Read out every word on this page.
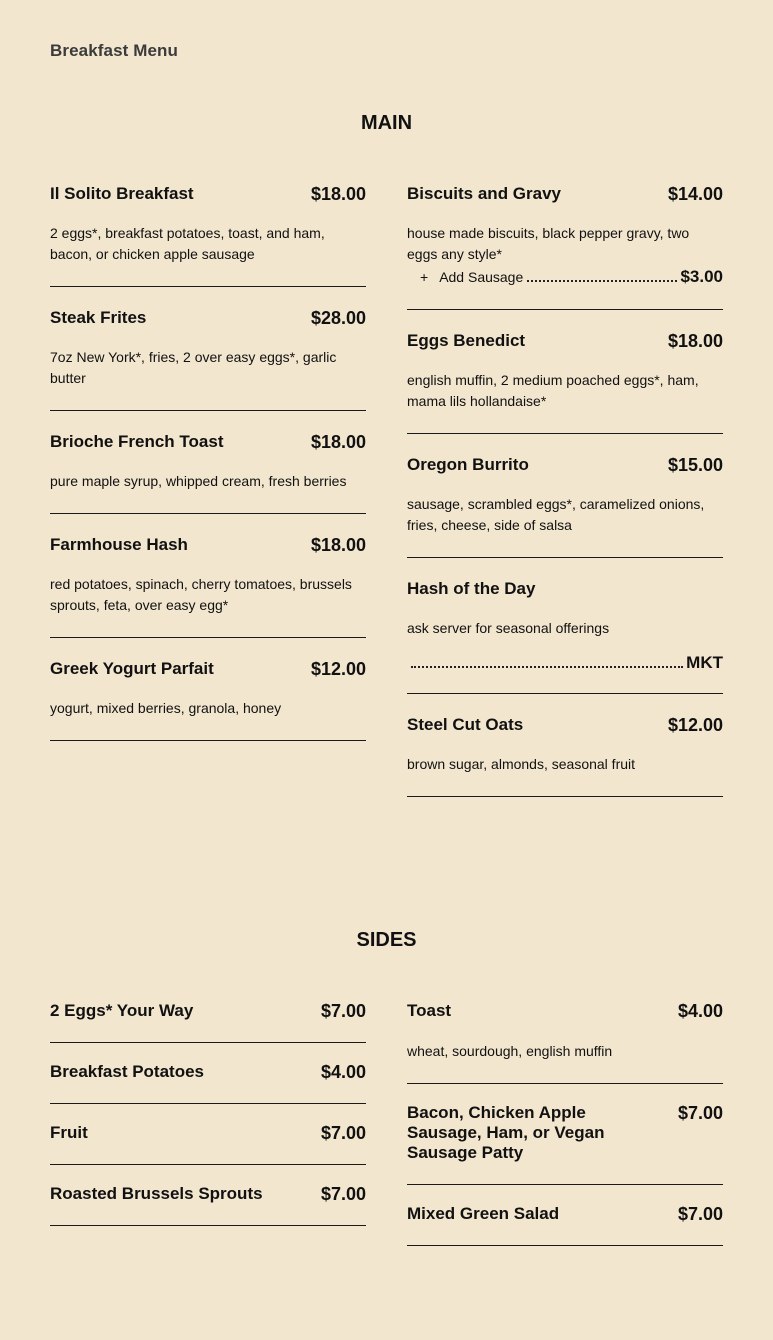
Breakfast Menu
MAIN

Il Solito Breakfast	$18.00

2 eggs*, breakfast potatoes, toast, and ham, bacon, or chicken apple sausage

Steak Frites	$28.00

7oz New York*, fries, 2 over easy eggs*, garlic butter

Brioche French Toast	$18.00

pure maple syrup, whipped cream, fresh berries

Farmhouse Hash	$18.00

red potatoes, spinach, cherry tomatoes, brussels sprouts, feta, over easy egg*

Greek Yogurt Parfait	$12.00

yogurt, mixed berries, granola, honey

Biscuits and Gravy	$14.00

house made biscuits, black pepper gravy, two eggs any style*

+ Add Sausage	$3.00

Eggs Benedict	$18.00

english muffin, 2 medium poached eggs*, ham, mama lils hollandaise*

Oregon Burrito	$15.00

sausage, scrambled eggs*, caramelized onions, fries, cheese, side of salsa

Hash of the Day

ask server for seasonal offerings

MKT

Steel Cut Oats	$12.00

brown sugar, almonds, seasonal fruit

SIDES

2 Eggs* Your Way	$7.00

Breakfast Potatoes	$4.00

Fruit	$7.00

Roasted Brussels Sprouts	$7.00

Toast	$4.00

wheat, sourdough, english muffin

Bacon, Chicken Apple Sausage, Ham, or Vegan Sausage Patty

$7.00

Mixed Green Salad	$7.00
